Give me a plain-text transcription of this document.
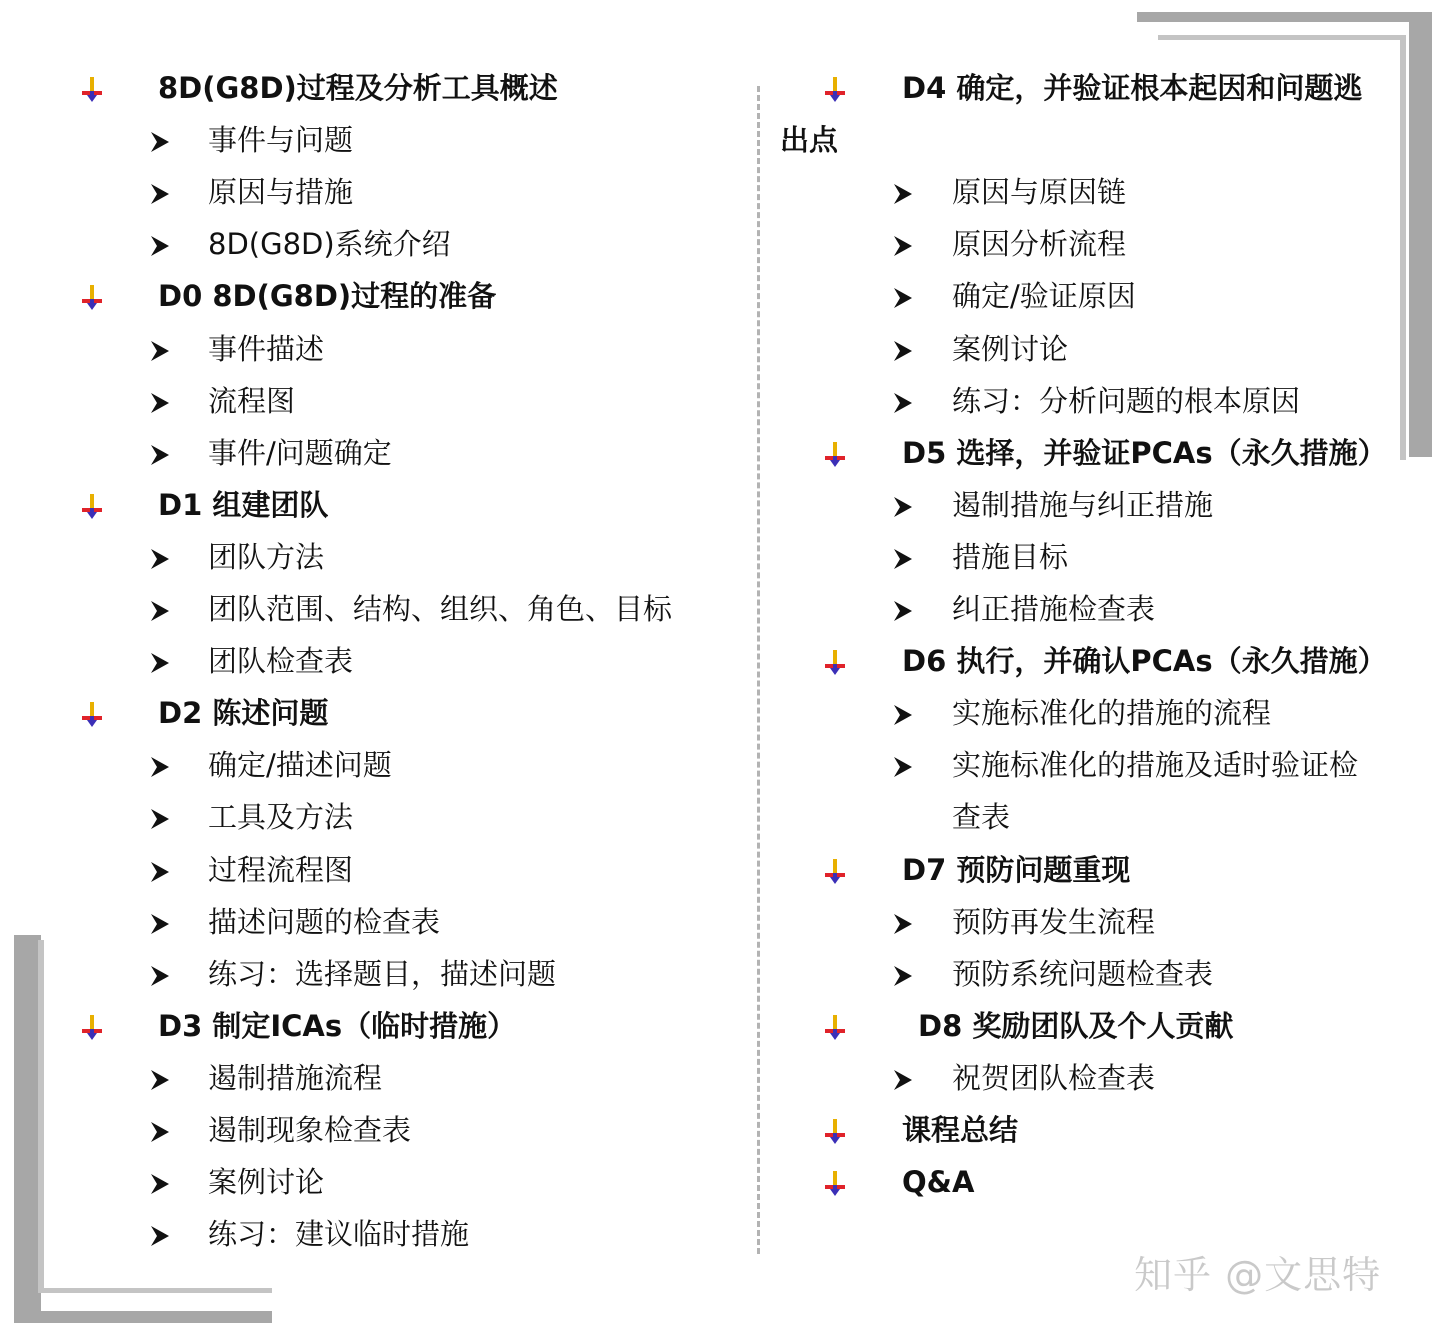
8D(G8D)过程及分析工具概述
事件与问题
原因与措施
8D(G8D)系统介绍
D0 8D(G8D)过程的准备
事件描述
流程图
事件/问题确定
D1 组建团队
团队方法
团队范围、结构、组织、角色、目标
团队检查表
D2 陈述问题
确定/描述问题
工具及方法
过程流程图
描述问题的检查表
练习：选择题目，描述问题
D3 制定ICAs（临时措施）
遏制措施流程
遏制现象检查表
案例讨论
练习：建议临时措施
D4 确定，并验证根本起因和问题逃
出点
原因与原因链
原因分析流程
确定/验证原因
案例讨论
练习：分析问题的根本原因
D5 选择，并验证PCAs（永久措施）
遏制措施与纠正措施
措施目标
纠正措施检查表
D6 执行，并确认PCAs（永久措施）
实施标准化的措施的流程
实施标准化的措施及适时验证检
查表
D7 预防问题重现
预防再发生流程
预防系统问题检查表
D8 奖励团队及个人贡献
祝贺团队检查表
课程总结
Q&A
知乎 @文思特
